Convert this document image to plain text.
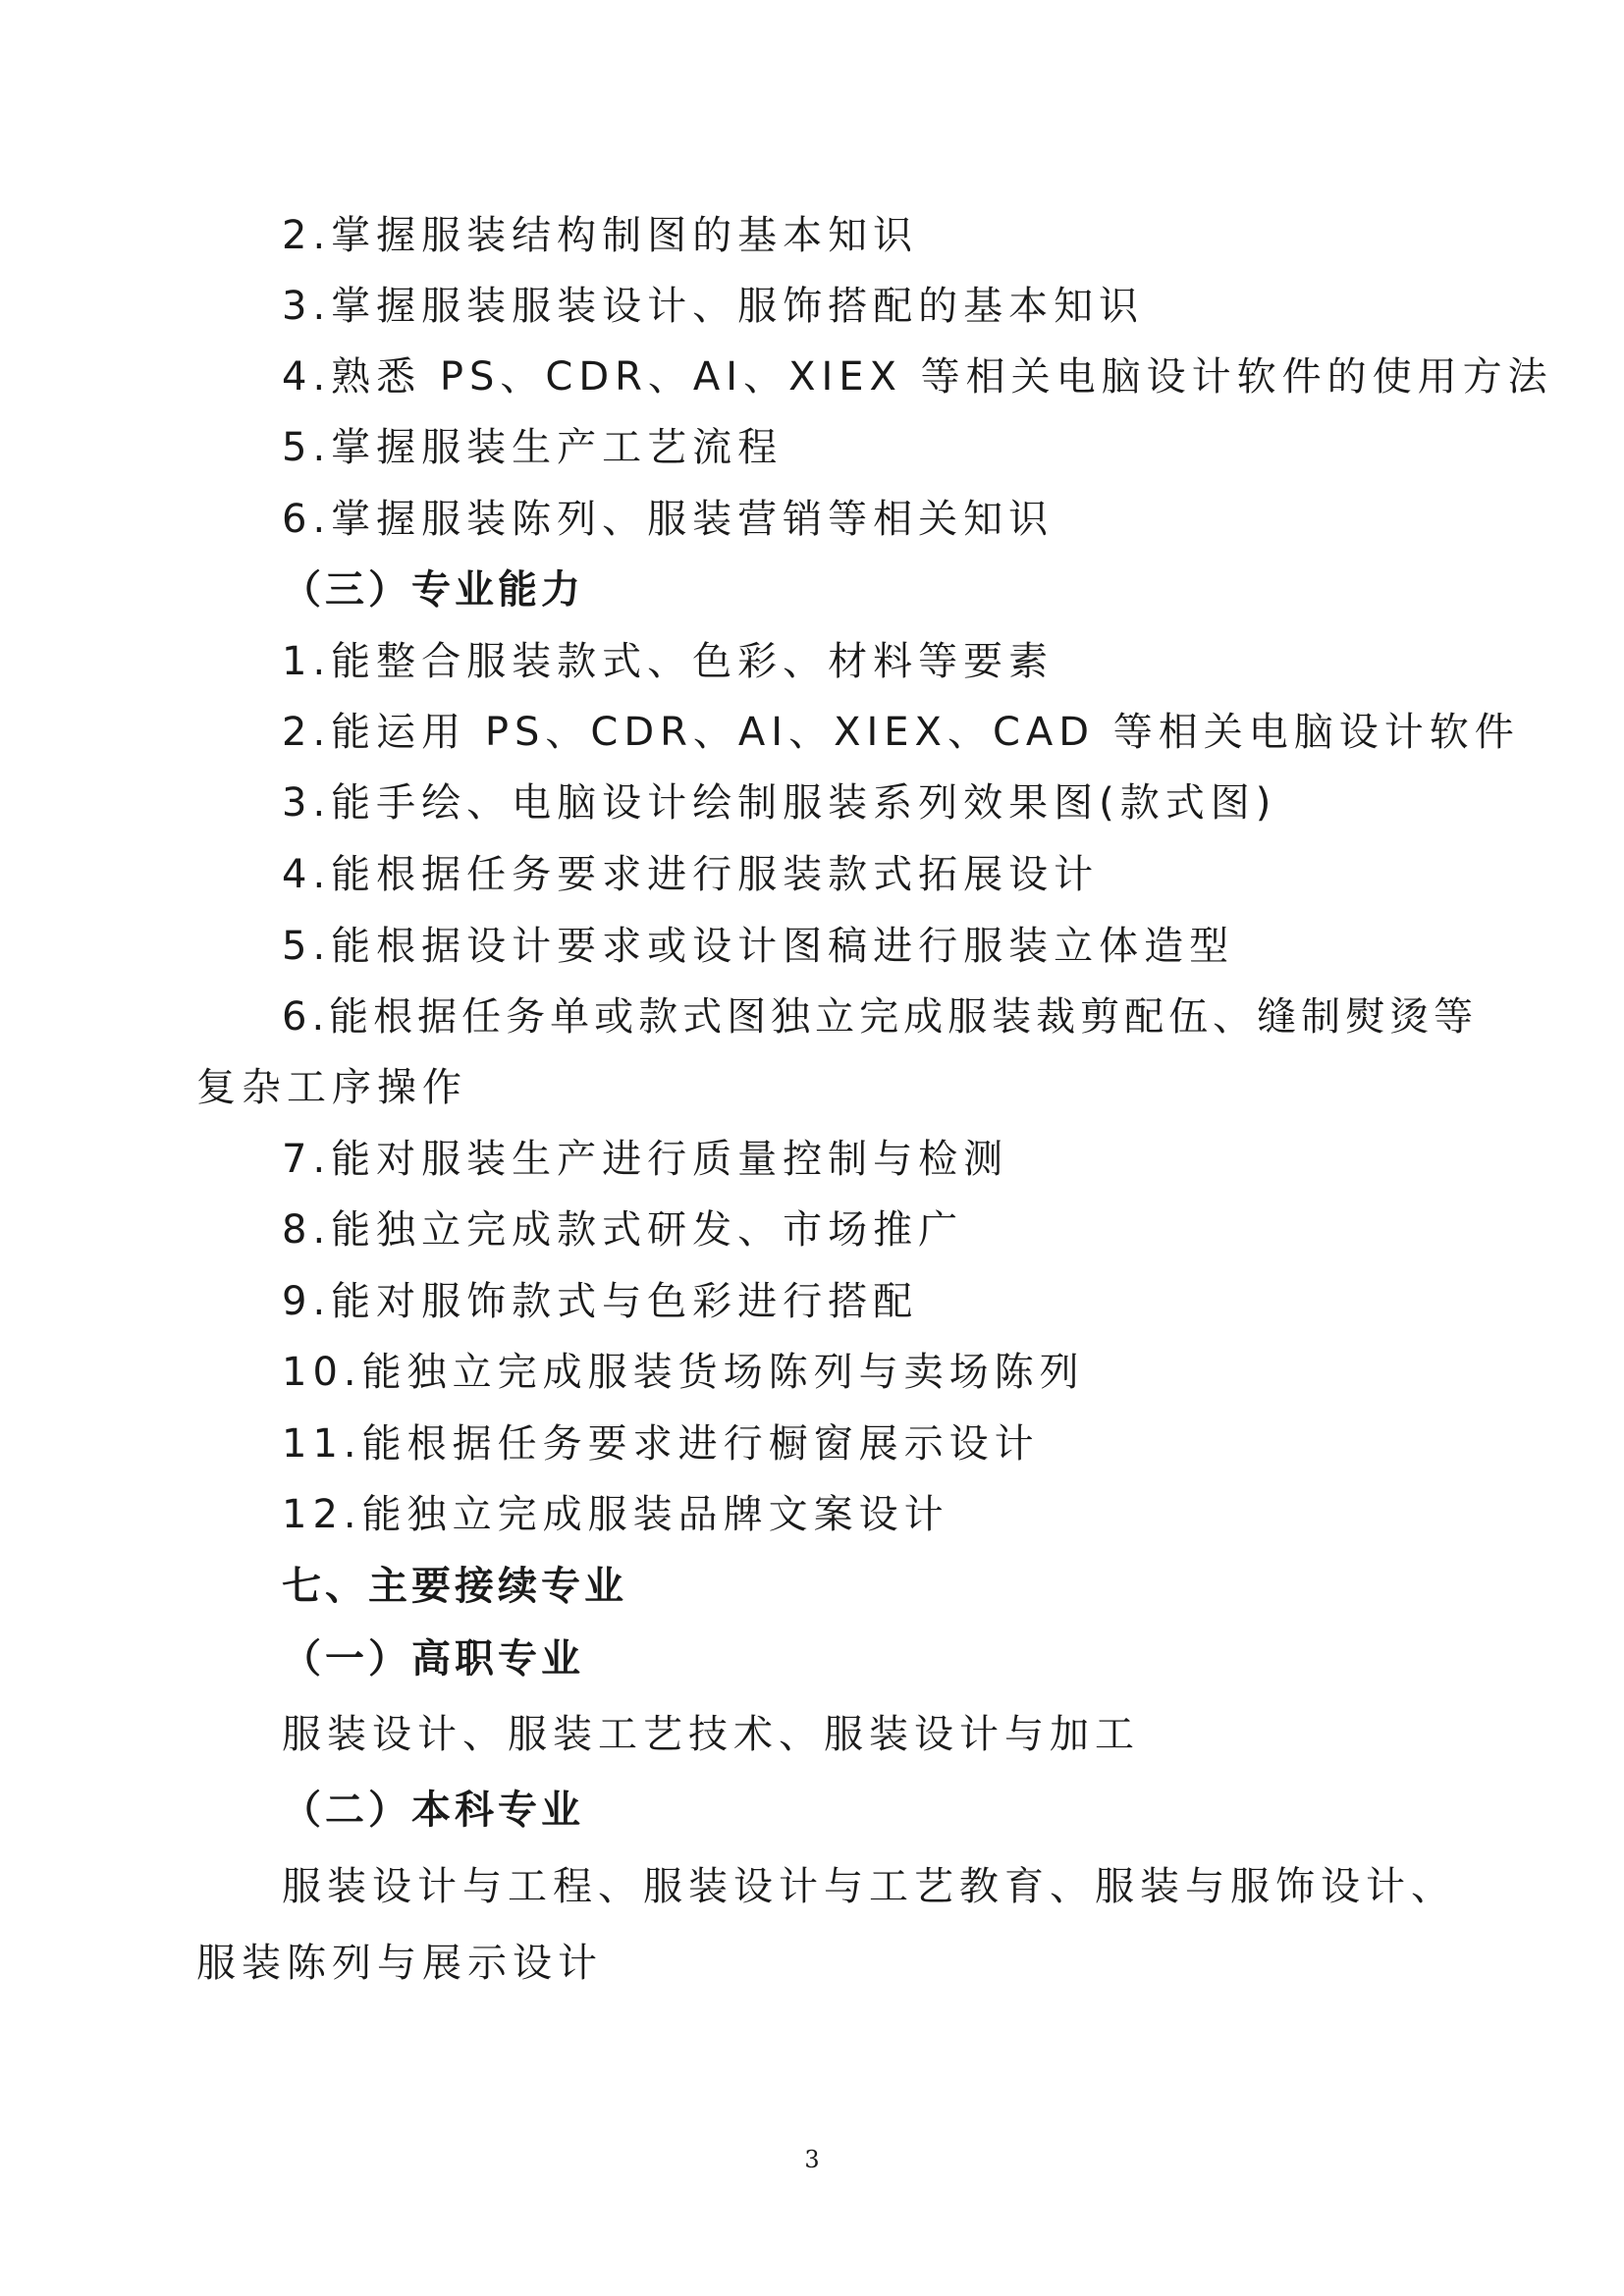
2.掌握服装结构制图的基本知识
3.掌握服装服装设计、服饰搭配的基本知识
4.熟悉 PS、CDR、AI、XIEX 等相关电脑设计软件的使用方法
5.掌握服装生产工艺流程
6.掌握服装陈列、服装营销等相关知识
（三）专业能力
1.能整合服装款式、色彩、材料等要素
2.能运用 PS、CDR、AI、XIEX、CAD 等相关电脑设计软件
3.能手绘、电脑设计绘制服装系列效果图(款式图)
4.能根据任务要求进行服装款式拓展设计
5.能根据设计要求或设计图稿进行服装立体造型
6.能根据任务单或款式图独立完成服装裁剪配伍、缝制熨烫等
复杂工序操作
7.能对服装生产进行质量控制与检测
8.能独立完成款式研发、市场推广
9.能对服饰款式与色彩进行搭配
10.能独立完成服装货场陈列与卖场陈列
11.能根据任务要求进行橱窗展示设计
12.能独立完成服装品牌文案设计
七、主要接续专业
（一）高职专业
服装设计、服装工艺技术、服装设计与加工
（二）本科专业
服装设计与工程、服装设计与工艺教育、服装与服饰设计、
服装陈列与展示设计
3
